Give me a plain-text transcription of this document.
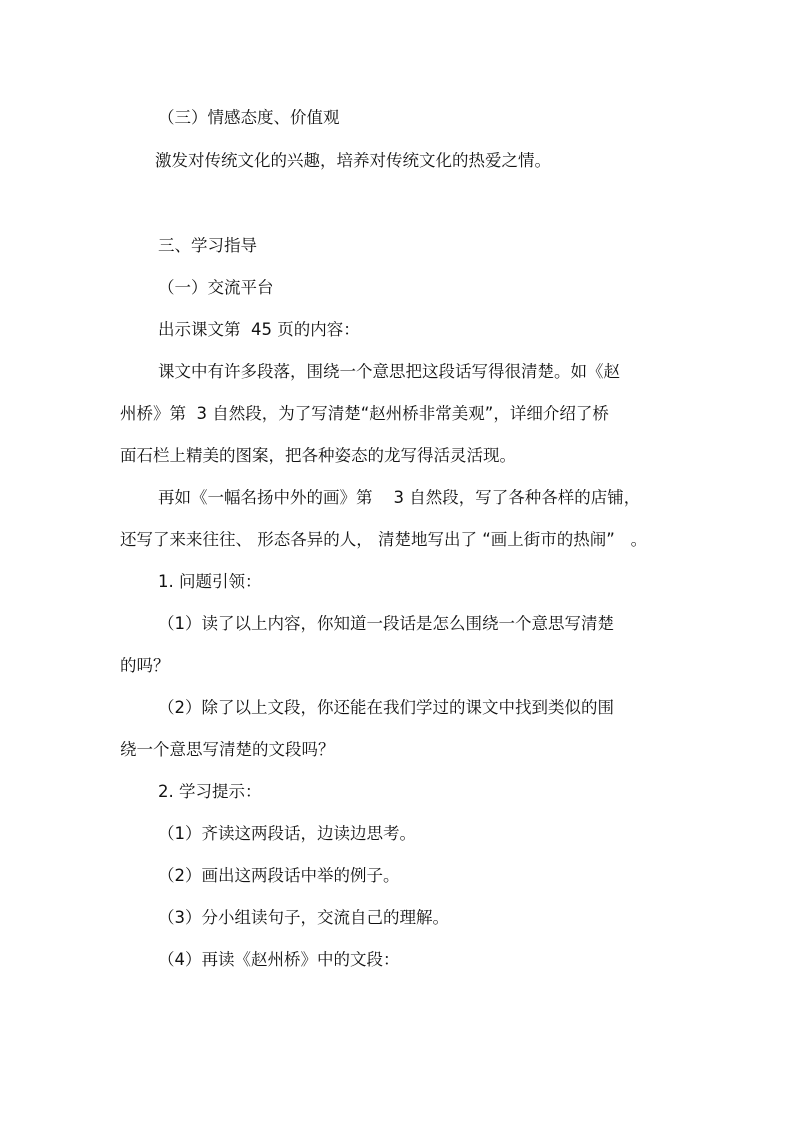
（三）情感态度、价值观
激发对传统文化的兴趣，培养对传统文化的热爱之情。
三、学习指导
（一）交流平台
出示课文第  45 页的内容：
课文中有许多段落，围绕一个意思把这段话写得很清楚。如《赵
州桥》第  3 自然段，为了写清楚“赵州桥非常美观”，详细介绍了桥
面石栏上精美的图案，把各种姿态的龙写得活灵活现。
再如《一幅名扬中外的画》第    3 自然段，写了各种各样的店铺，
还写了来来往往、 形态各异的人， 清楚地写出了 “画上街市的热闹”   。
1. 问题引领：
（1）读了以上内容，你知道一段话是怎么围绕一个意思写清楚
的吗？
（2）除了以上文段，你还能在我们学过的课文中找到类似的围
绕一个意思写清楚的文段吗？
2. 学习提示：
（1）齐读这两段话，边读边思考。
（2）画出这两段话中举的例子。
（3）分小组读句子，交流自己的理解。
（4）再读《赵州桥》中的文段：
